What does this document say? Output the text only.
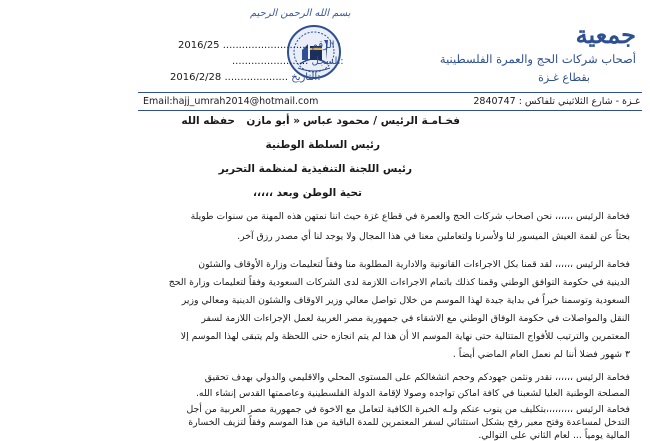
بسم الله الرحمن الرحيم
جمعية
أصحاب شركات الحج والعمرة الفلسطينية
بقطاع غـزة
2016/25 ........................... الرقم :
........................ السجل:
2016/2/28 .................... التاريخ:
غـزة - شارع الثلاثيني تلفاكس : 2840747
Email:hajj_umrah2014@hotmail.com
فخـامـة الرئيس / محمود عباس
« أبو مازن
حفظه الله
رئيس السلطة الوطنية
رئيس اللجنة التنفيذية لمنظمة التحرير
تحية الوطن وبعد ،،،،،
فخامة الرئيس ،،،،،، نحن اصحاب شركات الحج والعمرة في قطاع غزة حيث اننا نمتهن هذه المهنة من سنوات طويلة
بحثاً عن لقمة العيش الميسور لنا ولأسرنا ولتعاملين معنا في هذا المجال ولا يوجد لنا أي مصدر رزق آخر.
فخامة الرئيس ،،،،،، لقد قمنا بكل الاجراءات القانونية والادارية المطلوبة منا وفقاً لتعليمات وزارة الأوقاف والشئون
الدينية في حكومة التوافق الوطني وقمنا كذلك باتمام الاجراءات اللازمة لدى الشركات السعودية وفقاً لتعليمات وزارة الحج
السعودية وتوسمنا خيراً في بداية جيدة لهذا الموسم من خلال تواصل معالي وزير الاوقاف والشئون الدينية ومعالي وزير
النقل والمواصلات في حكومة الوفاق الوطني مع الاشقاء في جمهورية مصر العربية لعمل الإجراءات اللازمة لسفر
المعتمرين والترتيب للأفواج المتتالية حتى نهاية الموسم الا أن هذا لم يتم انجازه حتى اللحظة ولم يتبقى لهذا الموسم إلا
٣ شهور فضلا أننا لم نعمل العام الماضي أيضاً .
فخامة الرئيس ،،،،،، نقدر ونثمن جهودكم وحجم انشغالكم على المستوى المحلي والاقليمي والدولي بهدف تحقيق
المصلحة الوطنية العليا لشعبنا في كافة اماكن تواجده وصولا لإقامة الدولة الفلسطينية وعاصمتها القدس إنشاء الله.
فخامة الرئيس ،،،،،،،،،بتكليف من ينوب عنكم ولـه الخبرة الكافية لتعامل مع الاخوة في جمهورية مصر العربية من أجل
التدخل لمساعدة وفتح معبر رفح بشكل استثنائي لسفر المعتمرين للمدة الباقية من هذا الموسم وفقاً لتزيف الخسارة
المالية يومياً ... لعام الثاني على التوالي.
